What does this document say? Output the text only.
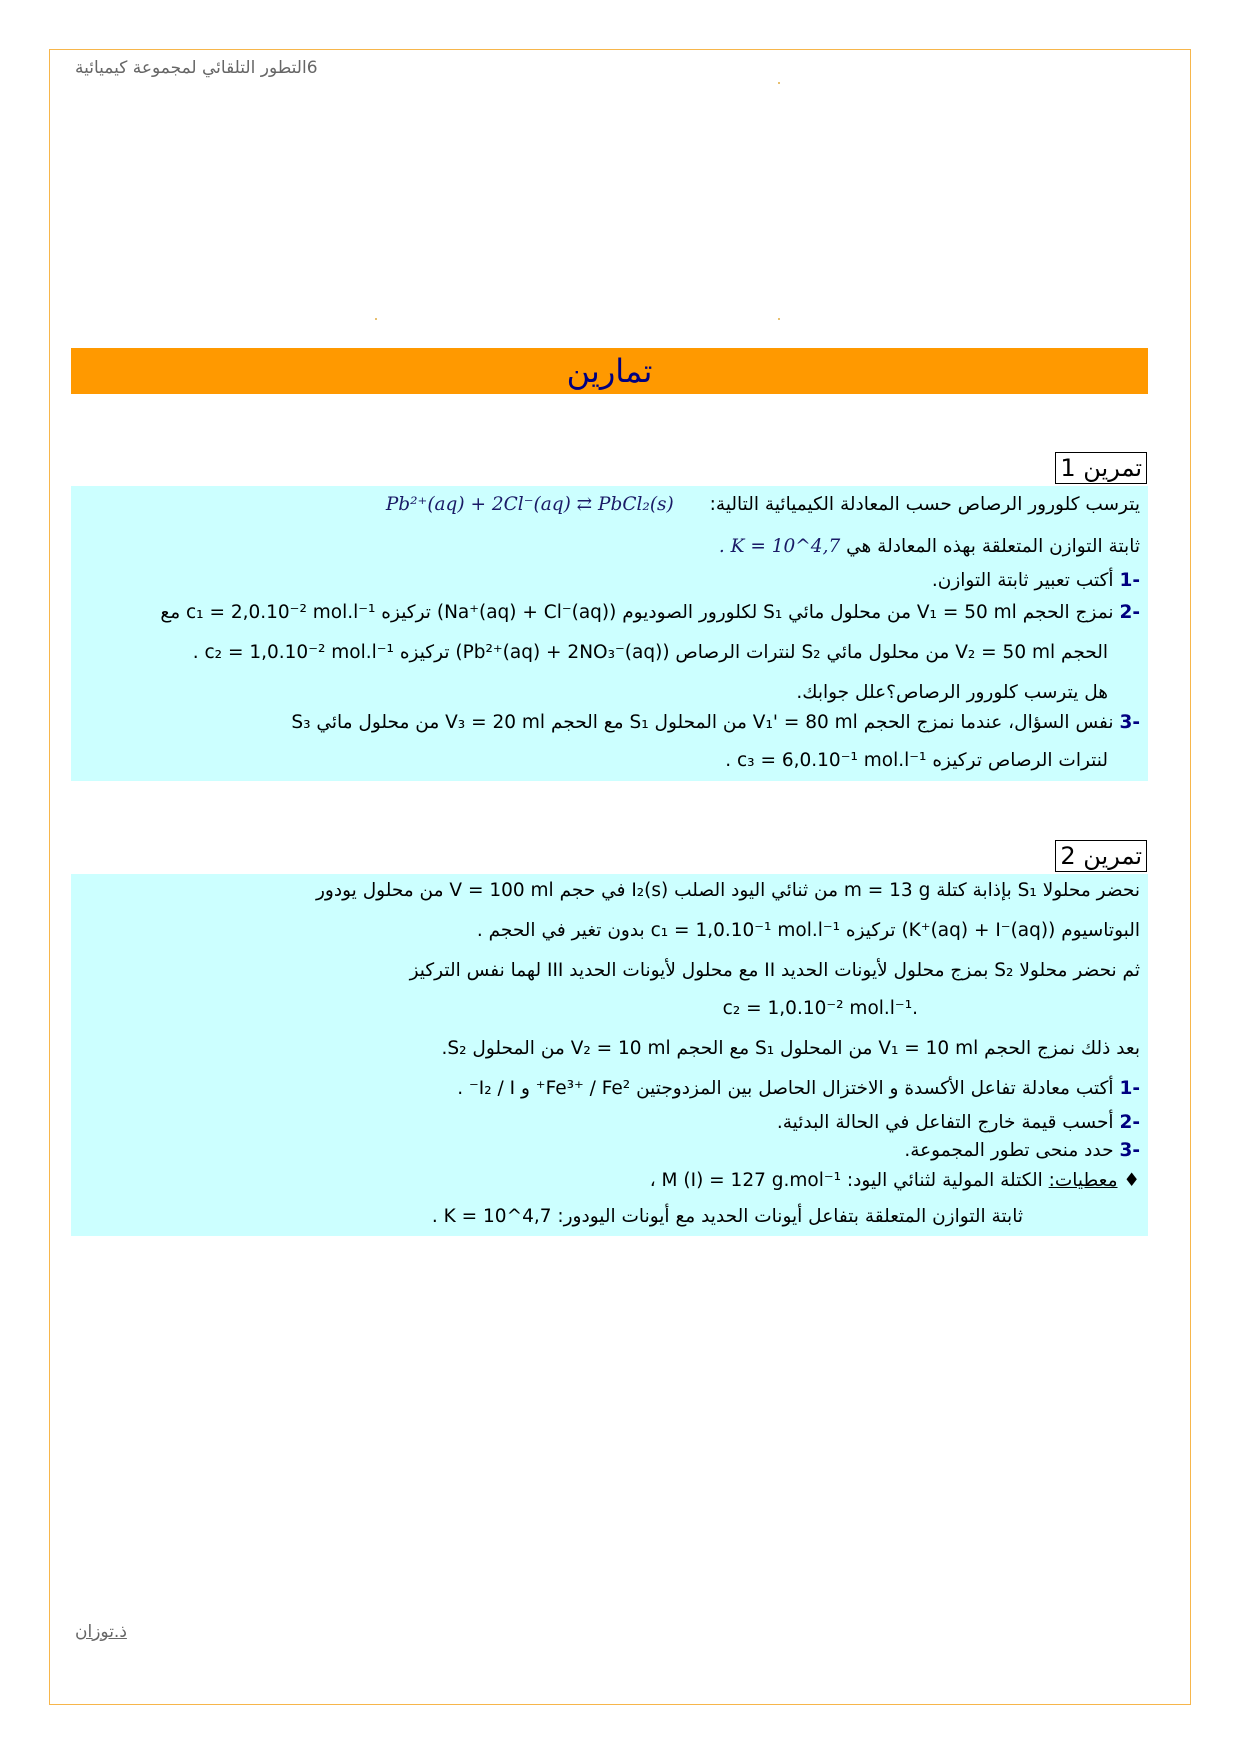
6التطور التلقائي لمجموعة كيميائية
تمارين
تمرين 1
يترسب كلورور الرصاص حسب المعادلة الكيميائية التالية: Pb²⁺(aq) + 2Cl⁻(aq) ⇄ PbCl₂(s)
ثابتة التوازن المتعلقة بهذه المعادلة هي K = 10^4,7 .
-1 أكتب تعبير ثابتة التوازن.
-2 نمزج الحجم V₁ = 50 ml من محلول مائي S₁ لكلورور الصوديوم (Na⁺(aq) + Cl⁻(aq)) تركيزه c₁ = 2,0.10⁻² mol.l⁻¹ مع
الحجم V₂ = 50 ml من محلول مائي S₂ لنترات الرصاص (Pb²⁺(aq) + 2NO₃⁻(aq)) تركيزه c₂ = 1,0.10⁻² mol.l⁻¹ .
هل يترسب كلورور الرصاص؟علل جوابك.
-3 نفس السؤال، عندما نمزج الحجم V₁' = 80 ml من المحلول S₁ مع الحجم V₃ = 20 ml من محلول مائي S₃
لنترات الرصاص تركيزه c₃ = 6,0.10⁻¹ mol.l⁻¹ .
تمرين 2
نحضر محلولا S₁ بإذابة كتلة m = 13 g من ثنائي اليود الصلب I₂(s) في حجم V = 100 ml من محلول يودور
البوتاسيوم (K⁺(aq) + I⁻(aq)) تركيزه c₁ = 1,0.10⁻¹ mol.l⁻¹ بدون تغير في الحجم .
ثم نحضر محلولا S₂ بمزج محلول لأيونات الحديد II مع محلول لأيونات الحديد III لهما نفس التركيز
.c₂ = 1,0.10⁻² mol.l⁻¹
بعد ذلك نمزج الحجم V₁ = 10 ml من المحلول S₁ مع الحجم V₂ = 10 ml من المحلول S₂.
-1 أكتب معادلة تفاعل الأكسدة و الاختزال الحاصل بين المزدوجتين Fe³⁺ / Fe²⁺ و I₂ / I⁻ .
-2 أحسب قيمة خارج التفاعل في الحالة البدئية.
-3 حدد منحى تطور المجموعة.
♦ معطيات: الكتلة المولية لثنائي اليود: M (I) = 127 g.mol⁻¹ ،
ثابتة التوازن المتعلقة بتفاعل أيونات الحديد مع أيونات اليودور: K = 10^4,7 .
ذ.توزان
